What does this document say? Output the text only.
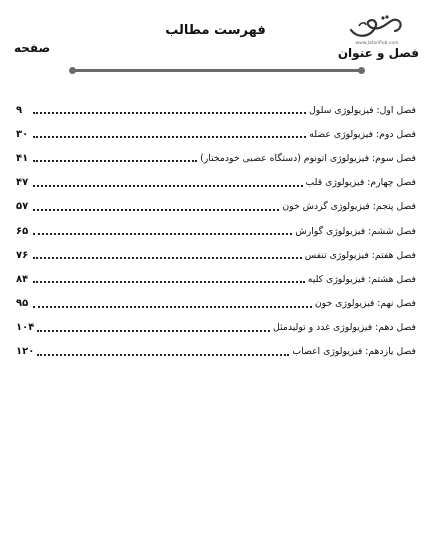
فهرست مطالب
www.JafariPub.com
فصل و عنوان
صفحه
فصل اول: فیزیولوژی سلول
۹
فصل دوم: فیزیولوژی عضله
۳۰
فصل سوم: فیزیولوژی اتونوم (دستگاه عصبی خودمختار)
۴۱
فصل چهارم: فیزیولوژی قلب
۴۷
فصل پنجم: فیزیولوژی گردش خون
۵۷
فصل ششم: فیزیولوژی گوارش
۶۵
فصل هفتم: فیزیولوژی تنفس
۷۶
فصل هشتم: فیزیولوژی کلیه
۸۴
فصل نهم: فیزیولوژی خون
۹۵
فصل دهم: فیزیولوژی غدد و تولیدمثل
۱۰۴
فصل یازدهم: فیزیولوژی اعصاب
۱۲۰
